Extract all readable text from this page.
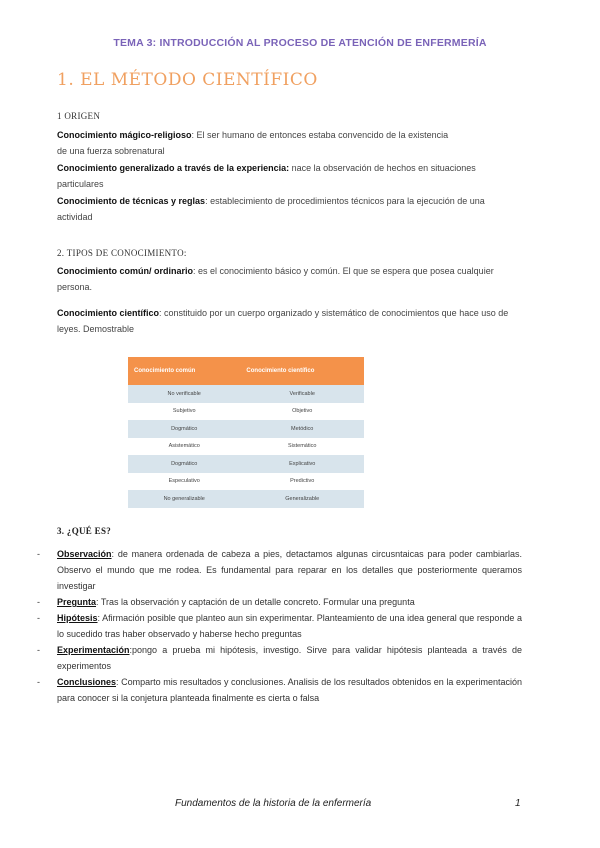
TEMA 3: INTRODUCCIÓN AL PROCESO DE ATENCIÓN DE ENFERMERÍA
1. EL MÉTODO CIENTÍFICO
1 ORIGEN
Conocimiento mágico-religioso: El ser humano de entonces estaba convencido de la existencia de una fuerza sobrenatural
Conocimiento generalizado a través de la experiencia: nace la observación de hechos en situaciones particulares
Conocimiento de técnicas y reglas: establecimiento de procedimientos técnicos para la ejecución de una actividad
2. TIPOS DE CONOCIMIENTO:
Conocimiento común/ ordinario: es el conocimiento básico y común. El que se espera que posea cualquier persona.
Conocimiento científico: constituido por un cuerpo organizado y sistemático de conocimientos que hace uso de leyes. Demostrable
Conocimiento común	Conocimiento científico
No verificable	Verificable
Subjetivo	Objetivo
Dogmático	Metódico
Asistemático	Sistemático
Dogmático	Explicativo
Especulativo	Predictivo
No generalizable	Generalizable
3. ¿QUÉ ES?
- Observación: de manera ordenada de cabeza a pies, detactamos algunas circusntaicas para poder cambiarlas. Observo el mundo que me rodea. Es fundamental para reparar en los detalles que posteriormente queramos investigar
- Pregunta: Tras la observación y captación de un detalle concreto. Formular una pregunta
- Hipótesis: Afirmación posible que planteo aun sin experimentar. Planteamiento de una idea general que responde a lo sucedido tras haber observado y haberse hecho preguntas
- Experimentación:pongo a prueba mi hipótesis, investigo. Sirve para validar hipótesis planteada a través de experimentos
- Conclusiones: Comparto mis resultados y conclusiones. Analisis de los resultados obtenidos en la experimentación para conocer si la conjetura planteada finalmente es cierta o falsa
Fundamentos de la historia de la enfermería	1
